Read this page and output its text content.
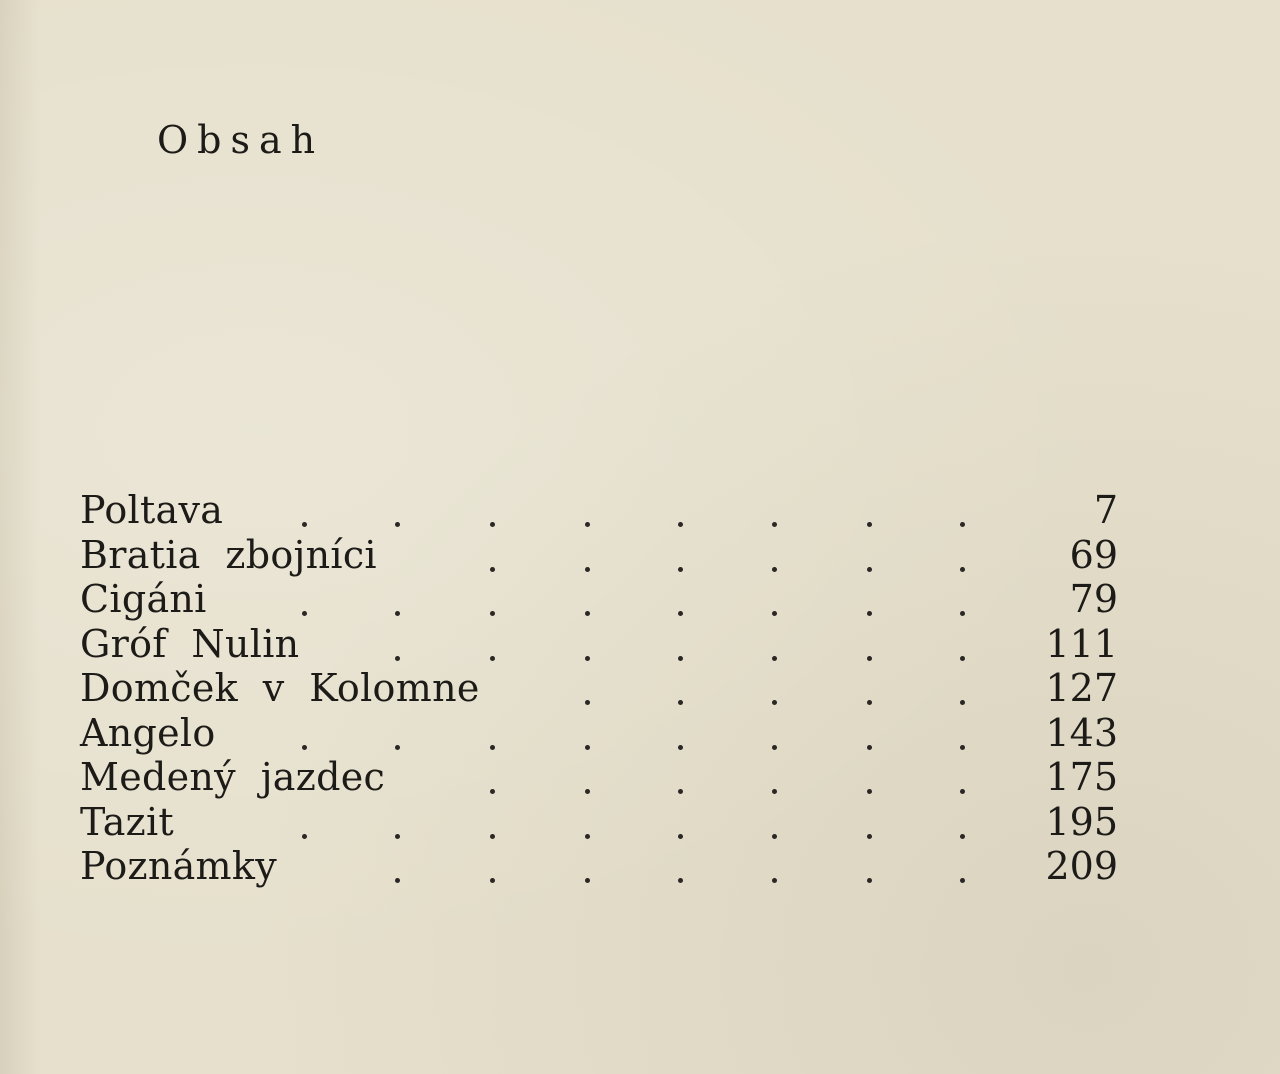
Obsah
Poltava	7
Bratia  zbojníci	69
Cigáni	79
Gróf  Nulin	111
Domček  v  Kolomne	127
Angelo	143
Medený  jazdec	175
Tazit	195
Poznámky	209
